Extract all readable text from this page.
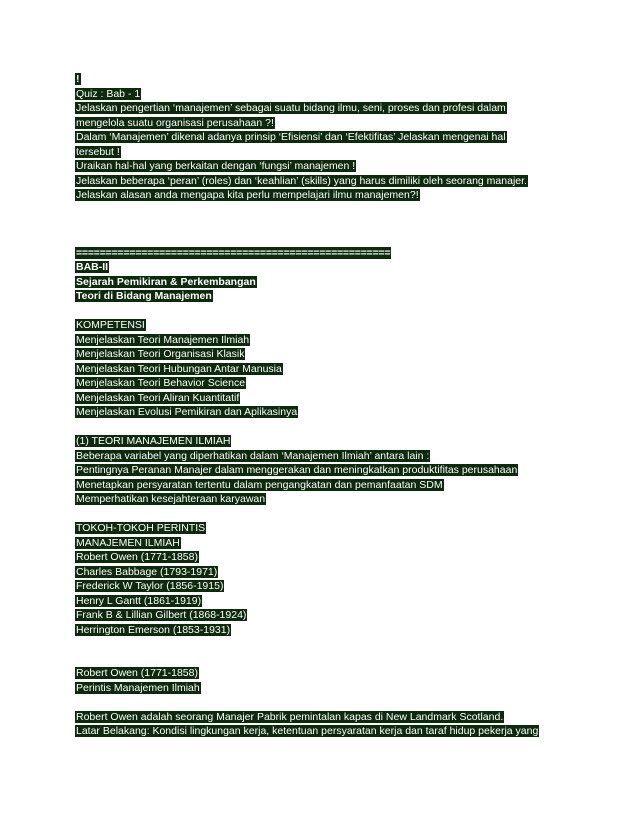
!
Quiz : Bab - 1
Jelaskan pengertian ‘manajemen’ sebagai suatu bidang ilmu, seni, proses dan profesi dalam
mengelola suatu organisasi perusahaan ?!
Dalam ‘Manajemen’ dikenal adanya prinsip ‘Efisiensi’ dan ‘Efektifitas’ Jelaskan mengenai hal
tersebut !
Uraikan hal-hal yang berkaitan dengan ‘fungsi’ manajemen !
Jelaskan beberapa ‘peran’ (roles) dan ‘keahlian’ (skills) yang harus dimiliki oleh seorang manajer.
Jelaskan alasan anda mengapa kita perlu mempelajari ilmu manajemen?!
=====================================================
BAB-II
Sejarah Pemikiran & Perkembangan
Teori di Bidang Manajemen
KOMPETENSI
Menjelaskan Teori Manajemen Ilmiah
Menjelaskan Teori Organisasi Klasik
Menjelaskan Teori Hubungan Antar Manusia
Menjelaskan Teori Behavior Science
Menjelaskan Teori Aliran Kuantitatif
Menjelaskan Evolusi Pemikiran dan Aplikasinya
(1) TEORI MANAJEMEN ILMIAH
Beberapa variabel yang diperhatikan dalam ‘Manajemen Ilmiah’ antara lain :
Pentingnya Peranan Manajer dalam menggerakan dan meningkatkan produktifitas perusahaan
Menetapkan persyaratan tertentu dalam pengangkatan dan pemanfaatan SDM
Memperhatikan kesejahteraan karyawan
TOKOH-TOKOH PERINTIS
MANAJEMEN ILMIAH
Robert Owen (1771-1858)
Charles Babbage (1793-1971)
Frederick W Taylor (1856-1915)
Henry L Gantt (1861-1919)
Frank B & Lillian Gilbert (1868-1924)
Herrington Emerson (1853-1931)
Robert Owen (1771-1858)
Perintis Manajemen Ilmiah
Robert Owen adalah seorang Manajer Pabrik pemintalan kapas di New Landmark Scotland.
Latar Belakang: Kondisi lingkungan kerja, ketentuan persyaratan kerja dan taraf hidup pekerja yang
